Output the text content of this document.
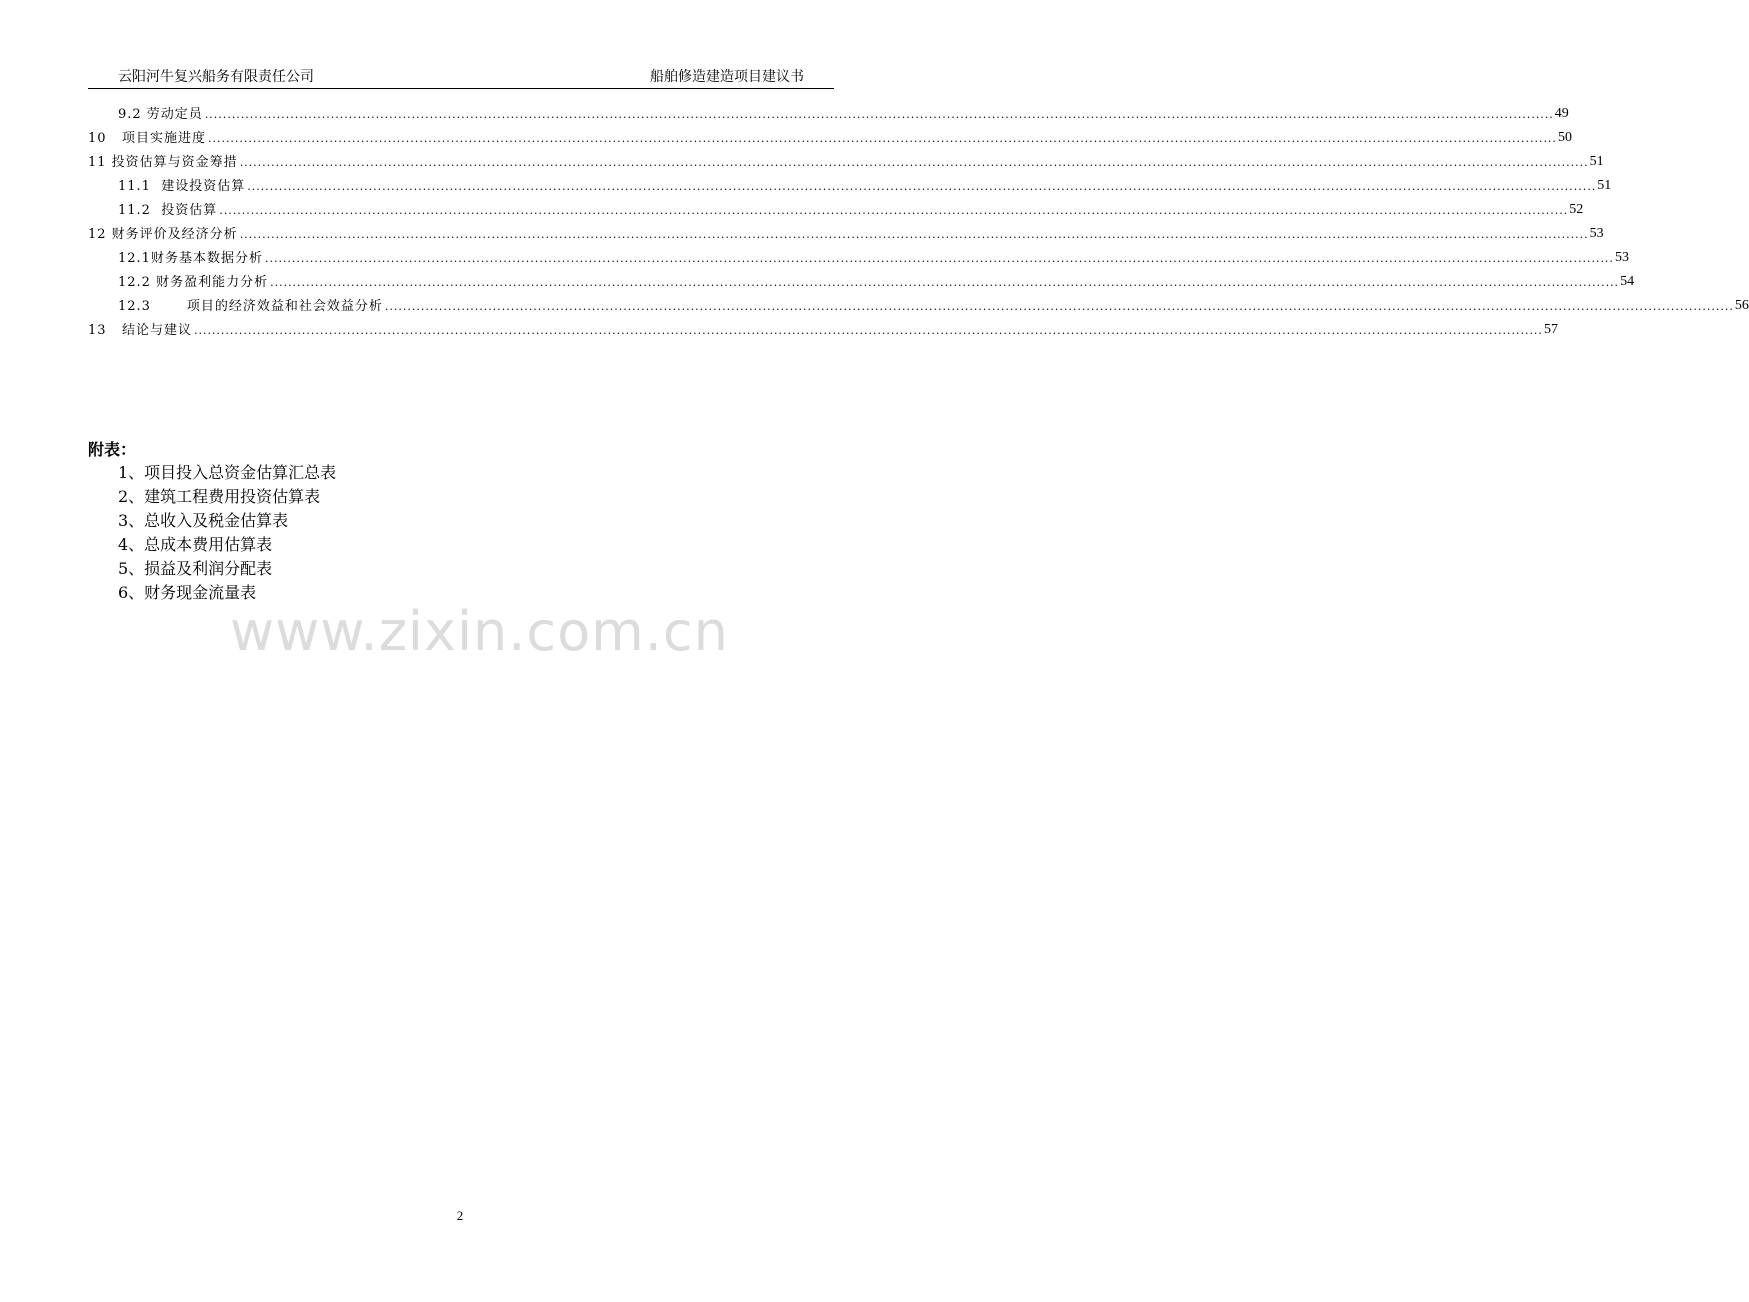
云阳河牛复兴船务有限责任公司	船舶修造建造项目建议书
9.2 劳动定员 ............................................................................................................................................................................................................................................................................................................ 49
10   项目实施进度 ............................................................................................................................................................................................................................................................................................................ 50
11 投资估算与资金筹措 ............................................................................................................................................................................................................................................................................................................ 51
11.1  建设投资估算 ............................................................................................................................................................................................................................................................................................................ 51
11.2  投资估算 ............................................................................................................................................................................................................................................................................................................ 52
12 财务评价及经济分析 ............................................................................................................................................................................................................................................................................................................ 53
12.1财务基本数据分析 ............................................................................................................................................................................................................................................................................................................ 53
12.2 财务盈利能力分析 ............................................................................................................................................................................................................................................................................................................ 54
12.3       项目的经济效益和社会效益分析 ............................................................................................................................................................................................................................................................................................................ 56
13   结论与建议 ............................................................................................................................................................................................................................................................................................................ 57
附表：
1、项目投入总资金估算汇总表
2、建筑工程费用投资估算表
3、总收入及税金估算表
4、总成本费用估算表
5、损益及利润分配表
6、财务现金流量表
www.zixin.com.cn
2
